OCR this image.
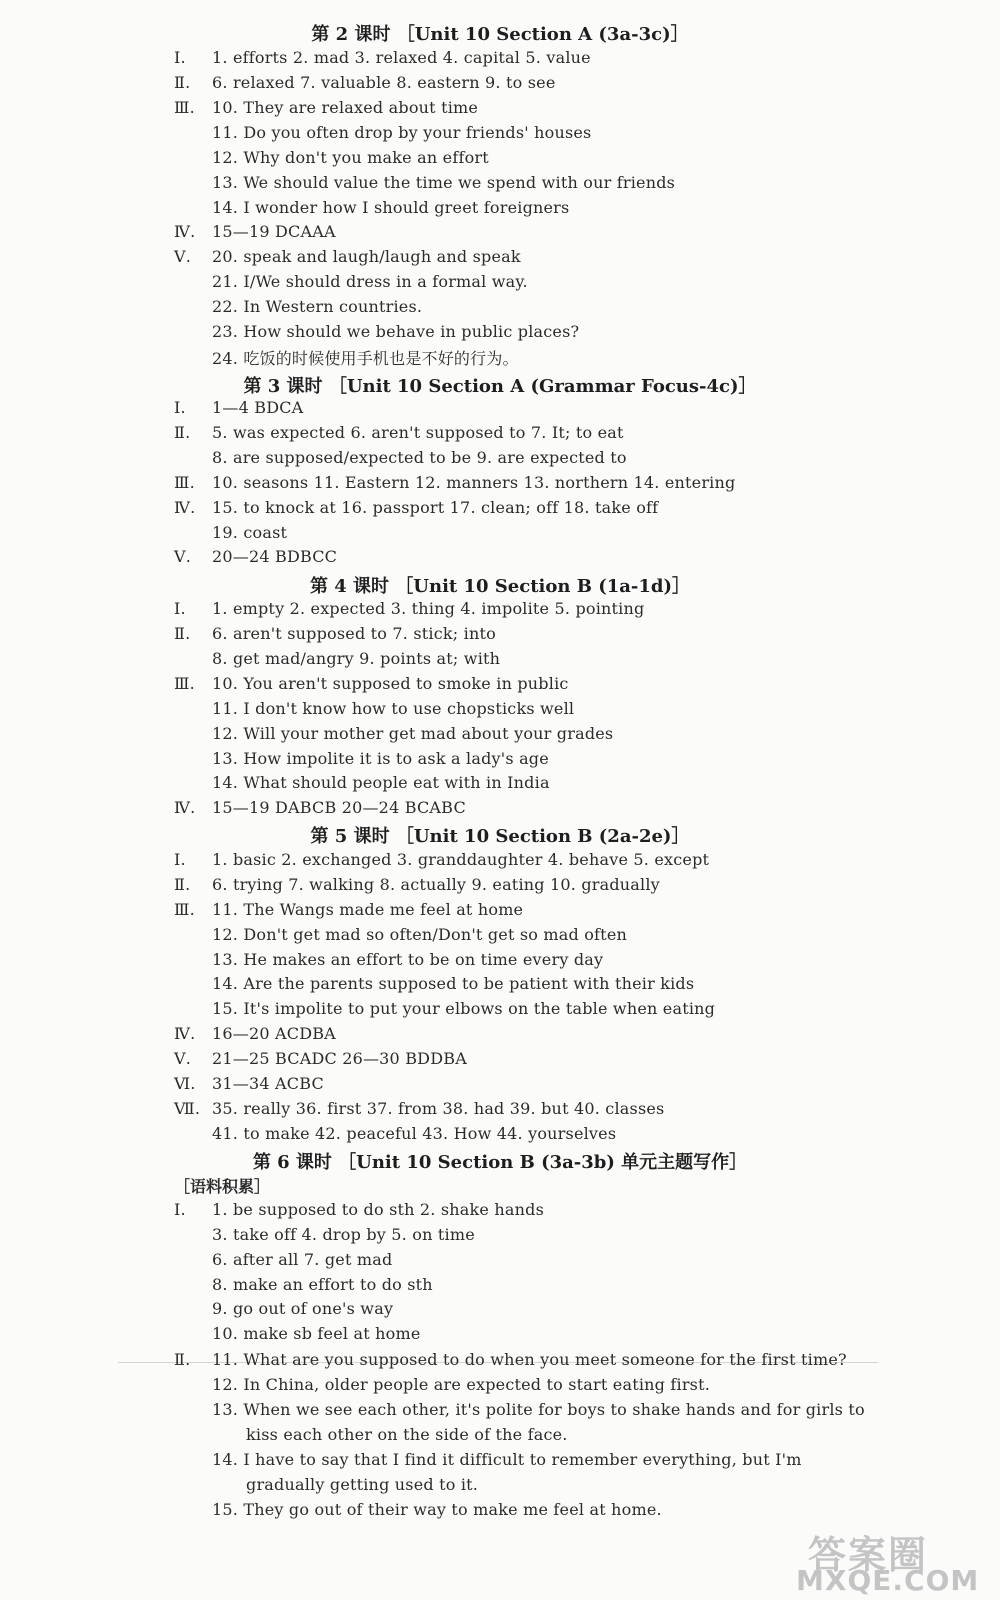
第 2 课时 ［Unit 10 Section A (3a-3c)］
Ⅰ. 1. efforts 2. mad 3. relaxed 4. capital 5. value
Ⅱ. 6. relaxed 7. valuable 8. eastern 9. to see
Ⅲ. 10. They are relaxed about time
11. Do you often drop by your friends' houses
12. Why don't you make an effort
13. We should value the time we spend with our friends
14. I wonder how I should greet foreigners
Ⅳ. 15—19 DCAAA
Ⅴ. 20. speak and laugh/laugh and speak
21. I/We should dress in a formal way.
22. In Western countries.
23. How should we behave in public places?
24. 吃饭的时候使用手机也是不好的行为。
第 3 课时 ［Unit 10 Section A (Grammar Focus-4c)］
Ⅰ. 1—4 BDCA
Ⅱ. 5. was expected 6. aren't supposed to 7. It; to eat
8. are supposed/expected to be 9. are expected to
Ⅲ. 10. seasons 11. Eastern 12. manners 13. northern 14. entering
Ⅳ. 15. to knock at 16. passport 17. clean; off 18. take off
19. coast
Ⅴ. 20—24 BDBCC
第 4 课时 ［Unit 10 Section B (1a-1d)］
Ⅰ. 1. empty 2. expected 3. thing 4. impolite 5. pointing
Ⅱ. 6. aren't supposed to 7. stick; into
8. get mad/angry 9. points at; with
Ⅲ. 10. You aren't supposed to smoke in public
11. I don't know how to use chopsticks well
12. Will your mother get mad about your grades
13. How impolite it is to ask a lady's age
14. What should people eat with in India
Ⅳ. 15—19 DABCB 20—24 BCABC
第 5 课时 ［Unit 10 Section B (2a-2e)］
Ⅰ. 1. basic 2. exchanged 3. granddaughter 4. behave 5. except
Ⅱ. 6. trying 7. walking 8. actually 9. eating 10. gradually
Ⅲ. 11. The Wangs made me feel at home
12. Don't get mad so often/Don't get so mad often
13. He makes an effort to be on time every day
14. Are the parents supposed to be patient with their kids
15. It's impolite to put your elbows on the table when eating
Ⅳ. 16—20 ACDBA
Ⅴ. 21—25 BCADC 26—30 BDDBA
Ⅵ. 31—34 ACBC
Ⅶ. 35. really 36. first 37. from 38. had 39. but 40. classes
41. to make 42. peaceful 43. How 44. yourselves
第 6 课时 ［Unit 10 Section B (3a-3b) 单元主题写作］
［语料积累］
Ⅰ. 1. be supposed to do sth 2. shake hands
3. take off 4. drop by 5. on time
6. after all 7. get mad
8. make an effort to do sth
9. go out of one's way
10. make sb feel at home
Ⅱ. 11. What are you supposed to do when you meet someone for the first time?
12. In China, older people are expected to start eating first.
13. When we see each other, it's polite for boys to shake hands and for girls to
kiss each other on the side of the face.
14. I have to say that I find it difficult to remember everything, but I'm
gradually getting used to it.
15. They go out of their way to make me feel at home.
答案圈
MXQE.COM
